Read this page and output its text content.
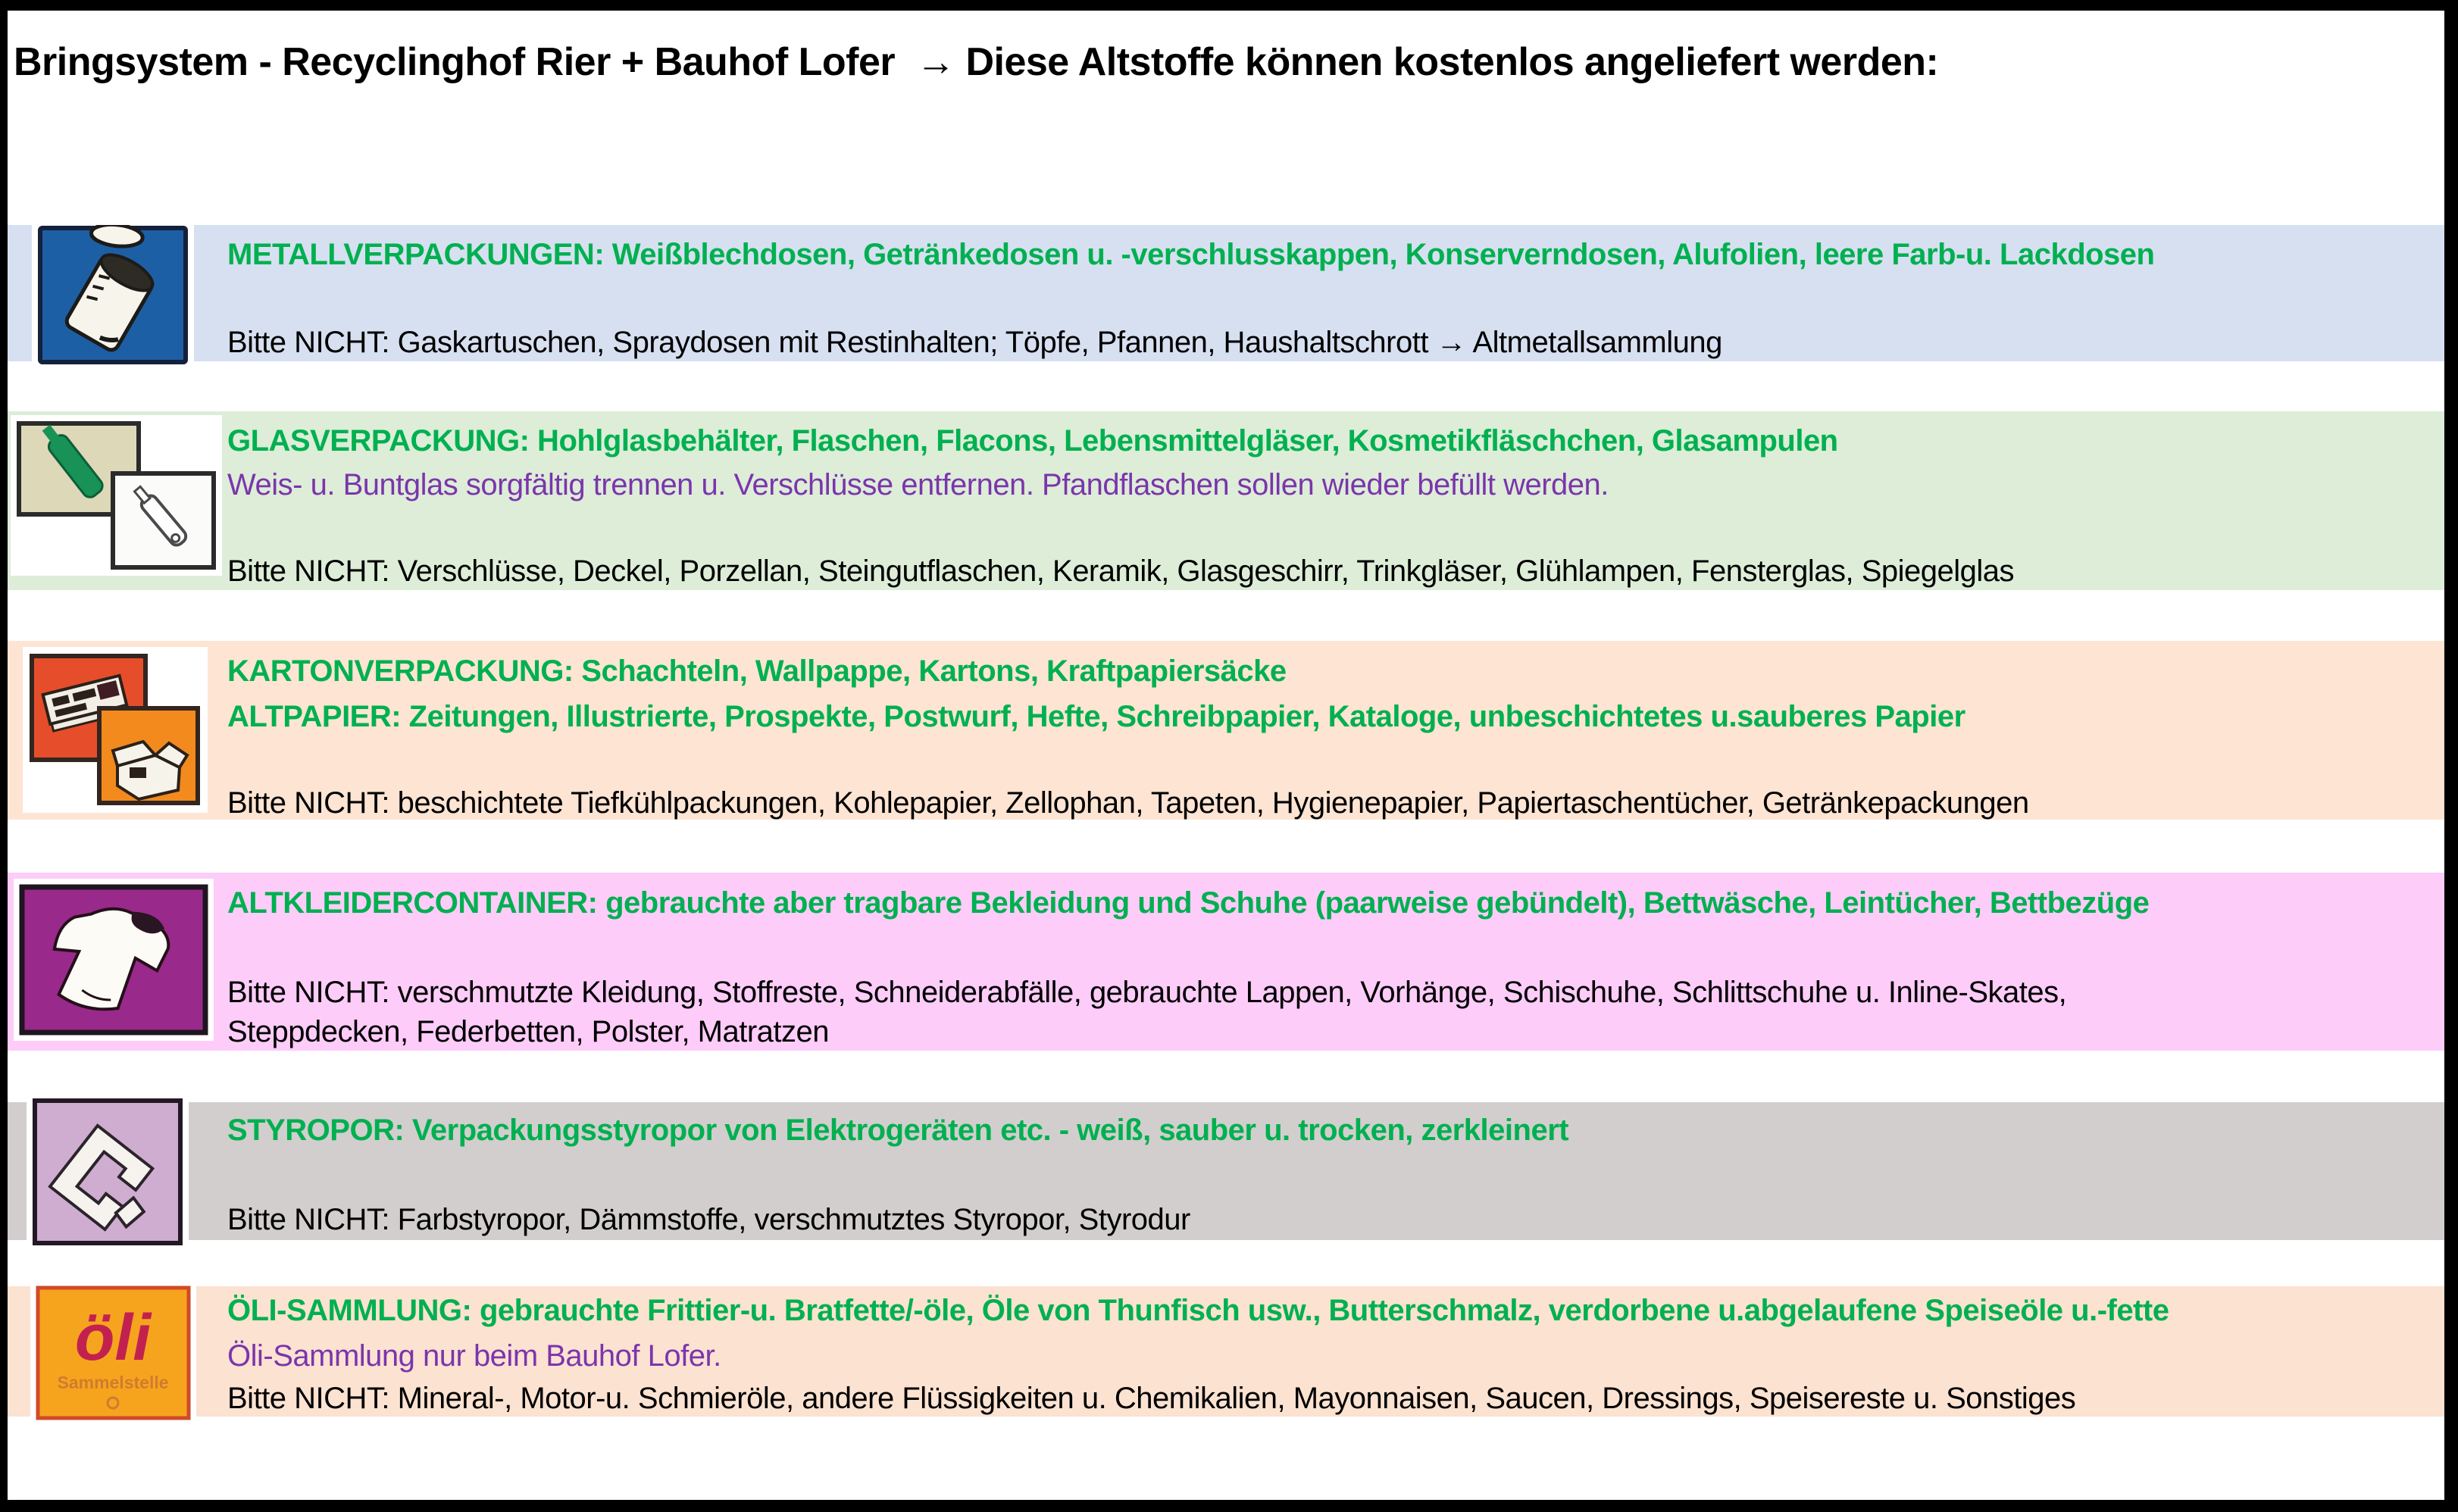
Bringsystem - Recyclinghof Rier + Bauhof Lofer  → Diese Altstoffe können kostenlos angeliefert werden:
METALLVERPACKUNGEN: Weißblechdosen, Getränkedosen u. -verschlusskappen, Konserverndosen, Alufolien, leere Farb-u. Lackdosen
Bitte NICHT: Gaskartuschen, Spraydosen mit Restinhalten; Töpfe, Pfannen, Haushaltschrott → Altmetallsammlung
GLASVERPACKUNG: Hohlglasbehälter, Flaschen, Flacons, Lebensmittelgläser, Kosmetikfläschchen, Glasampulen
Weis- u. Buntglas sorgfältig trennen u. Verschlüsse entfernen. Pfandflaschen sollen wieder befüllt werden.
Bitte NICHT: Verschlüsse, Deckel, Porzellan, Steingutflaschen, Keramik, Glasgeschirr, Trinkgläser, Glühlampen, Fensterglas, Spiegelglas
KARTONVERPACKUNG: Schachteln, Wallpappe, Kartons, Kraftpapiersäcke
ALTPAPIER: Zeitungen, Illustrierte, Prospekte, Postwurf, Hefte, Schreibpapier, Kataloge, unbeschichtetes u.sauberes Papier
Bitte NICHT: beschichtete Tiefkühlpackungen, Kohlepapier, Zellophan, Tapeten, Hygienepapier, Papiertaschentücher, Getränkepackungen
ALTKLEIDERCONTAINER: gebrauchte aber tragbare Bekleidung und Schuhe (paarweise gebündelt), Bettwäsche, Leintücher, Bettbezüge
Bitte NICHT: verschmutzte Kleidung, Stoffreste, Schneiderabfälle, gebrauchte Lappen, Vorhänge, Schischuhe, Schlittschuhe u. Inline-Skates,
Steppdecken, Federbetten, Polster, Matratzen
STYROPOR: Verpackungsstyropor von Elektrogeräten etc. - weiß, sauber u. trocken, zerkleinert
Bitte NICHT: Farbstyropor, Dämmstoffe, verschmutztes Styropor, Styrodur
ÖLI-SAMMLUNG: gebrauchte Frittier-u. Bratfette/-öle, Öle von Thunfisch usw., Butterschmalz, verdorbene u.abgelaufene Speiseöle u.-fette
Öli-Sammlung nur beim Bauhof Lofer.
Bitte NICHT: Mineral-, Motor-u. Schmieröle, andere Flüssigkeiten u. Chemikalien, Mayonnaisen, Saucen, Dressings, Speisereste u. Sonstiges
öli
Sammelstelle
